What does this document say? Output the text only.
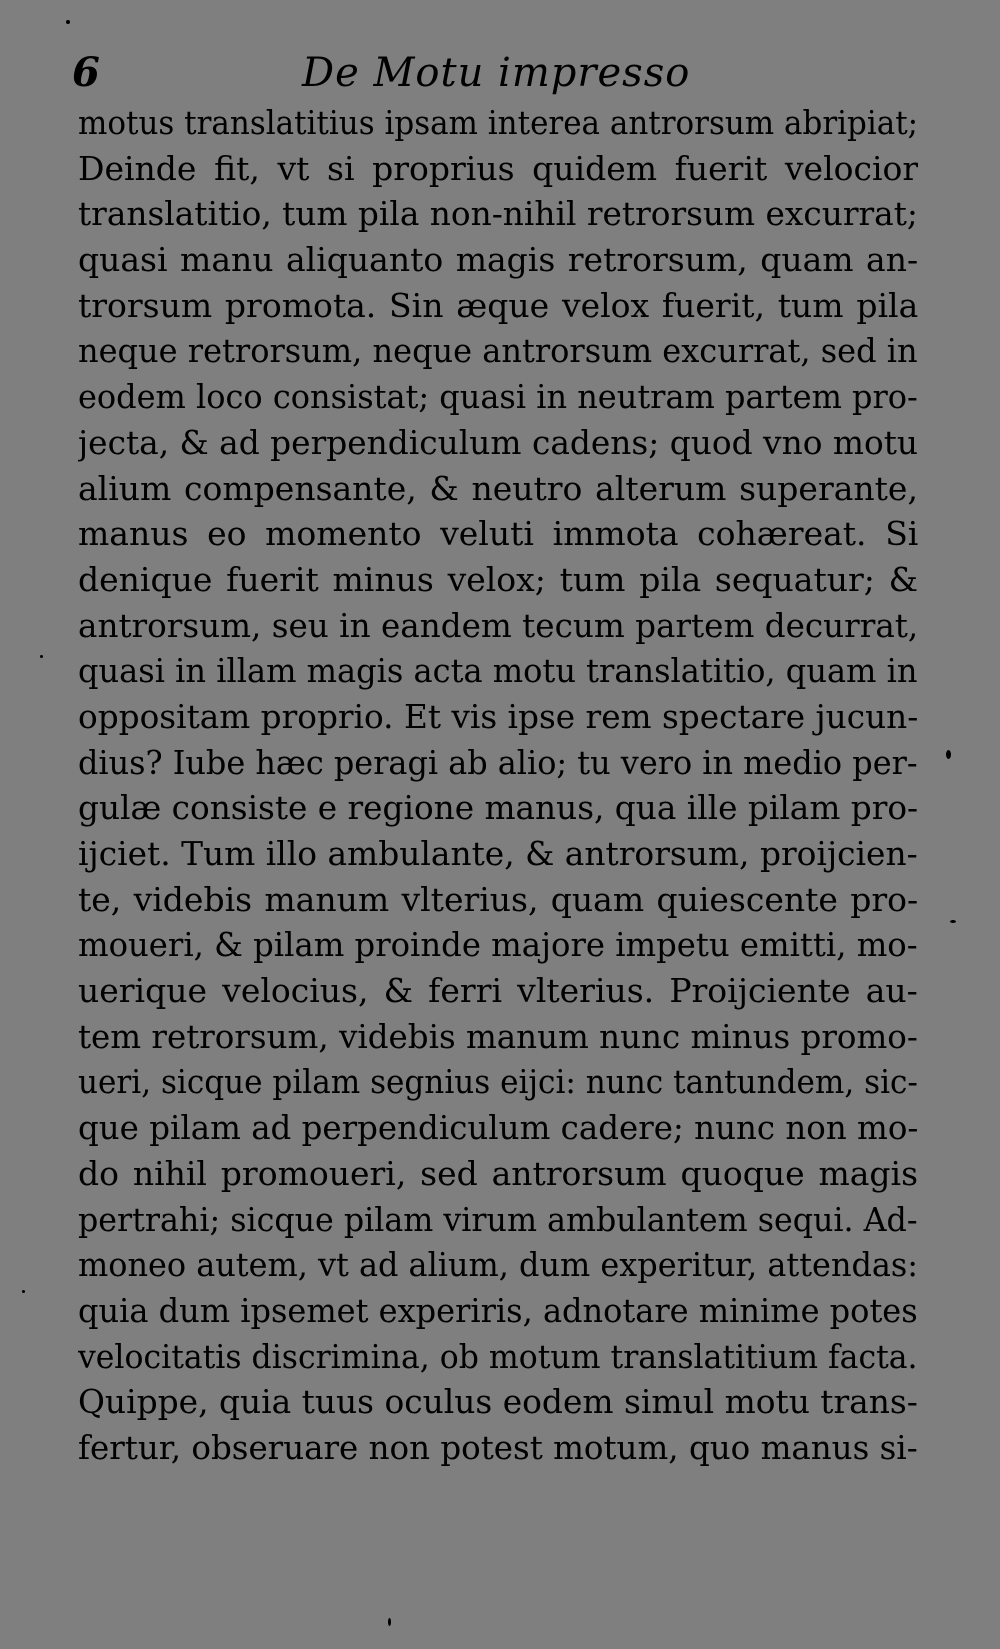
6	De Motu impresso
motus translatitius ipsam interea antrorsum abripiat;
Deinde fit, vt si proprius quidem fuerit velocior
translatitio, tum pila non-nihil retrorsum excurrat;
quasi manu aliquanto magis retrorsum, quam an-
trorsum promota. Sin æque velox fuerit, tum pila
neque retrorsum, neque antrorsum excurrat, sed in
eodem loco consistat; quasi in neutram partem pro-
jecta, & ad perpendiculum cadens; quod vno motu
alium compensante, & neutro alterum superante,
manus eo momento veluti immota cohæreat. Si
denique fuerit minus velox; tum pila sequatur; &
antrorsum, seu in eandem tecum partem decurrat,
quasi in illam magis acta motu translatitio, quam in
oppositam proprio. Et vis ipse rem spectare jucun-
dius? Iube hæc peragi ab alio; tu vero in medio per-
gulæ consiste e regione manus, qua ille pilam pro-
ijciet. Tum illo ambulante, & antrorsum, proijcien-
te, videbis manum vlterius, quam quiescente pro-
moueri, & pilam proinde majore impetu emitti, mo-
uerique velocius, & ferri vlterius. Proijciente au-
tem retrorsum, videbis manum nunc minus promo-
ueri, sicque pilam segnius eijci: nunc tantundem, sic-
que pilam ad perpendiculum cadere; nunc non mo-
do nihil promoueri, sed antrorsum quoque magis
pertrahi; sicque pilam virum ambulantem sequi. Ad-
moneo autem, vt ad alium, dum experitur, attendas:
quia dum ipsemet experiris, adnotare minime potes
velocitatis discrimina, ob motum translatitium facta.
Quippe, quia tuus oculus eodem simul motu trans-
fertur, obseruare non potest motum, quo manus si-
